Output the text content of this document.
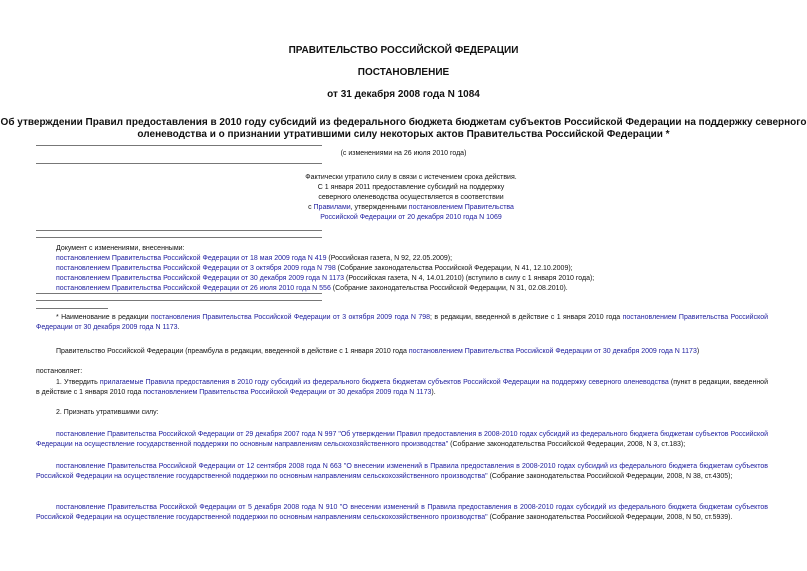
ПРАВИТЕЛЬСТВО РОССИЙСКОЙ ФЕДЕРАЦИИ
ПОСТАНОВЛЕНИЕ
от 31 декабря 2008 года N 1084
Об утверждении Правил предоставления в 2010 году субсидий из федерального бюджета бюджетам субъектов Российской Федерации на поддержку северного
оленеводства и о признании утратившими силу некоторых актов Правительства Российской Федерации *
(с изменениями на 26 июля 2010 года)
Фактически утратило силу в связи с истечением срока действия.
С 1 января 2011 предоставление субсидий на поддержку
северного оленеводства осуществляется в соответствии
с Правилами, утвержденными постановлением Правительства
Российской Федерации от 20 декабря 2010 года N 1069
Документ с изменениями, внесенными:
постановлением Правительства Российской Федерации от 18 мая 2009 года N 419 (Российская газета, N 92, 22.05.2009);
постановлением Правительства Российской Федерации от 3 октября 2009 года N 798 (Собрание законодательства Российской Федерации, N 41, 12.10.2009);
постановлением Правительства Российской Федерации от 30 декабря 2009 года N 1173 (Российская газета, N 4, 14.01.2010) (вступило в силу с 1 января 2010 года);
постановлением Правительства Российской Федерации от 26 июля 2010 года N 556 (Собрание законодательства Российской Федерации, N 31, 02.08.2010).
* Наименование в редакции постановления Правительства Российской Федерации от 3 октября 2009 года N 798; в редакции, введенной в действие с 1 января 2010 года постановлением Правительства Российской Федерации от 30 декабря 2009 года N 1173.
Правительство Российской Федерации (преамбула в редакции, введенной в действие с 1 января 2010 года постановлением Правительства Российской Федерации от 30 декабря 2009 года N 1173)
постановляет:
1. Утвердить прилагаемые Правила предоставления в 2010 году субсидий из федерального бюджета бюджетам субъектов Российской Федерации на поддержку северного оленеводства (пункт в редакции, введенной в действие с 1 января 2010 года постановлением Правительства Российской Федерации от 30 декабря 2009 года N 1173).
2. Признать утратившими силу:
постановление Правительства Российской Федерации от 29 декабря 2007 года N 997 "Об утверждении Правил предоставления в 2008-2010 годах субсидий из федерального бюджета бюджетам субъектов Российской Федерации на осуществление государственной поддержки по основным направлениям сельскохозяйственного производства" (Собрание законодательства Российской Федерации, 2008, N 3, ст.183);
постановление Правительства Российской Федерации от 12 сентября 2008 года N 663 "О внесении изменений в Правила предоставления в 2008-2010 годах субсидий из федерального бюджета бюджетам субъектов Российской Федерации на осуществление государственной поддержки по основным направлениям сельскохозяйственного производства" (Собрание законодательства Российской Федерации, 2008, N 38, ст.4305);
постановление Правительства Российской Федерации от 5 декабря 2008 года N 910 "О внесении изменений в Правила предоставления в 2008-2010 годах субсидий из федерального бюджета бюджетам субъектов Российской Федерации на осуществление государственной поддержки по основным направлениям сельскохозяйственного производства" (Собрание законодательства Российской Федерации, 2008, N 50, ст.5939).
